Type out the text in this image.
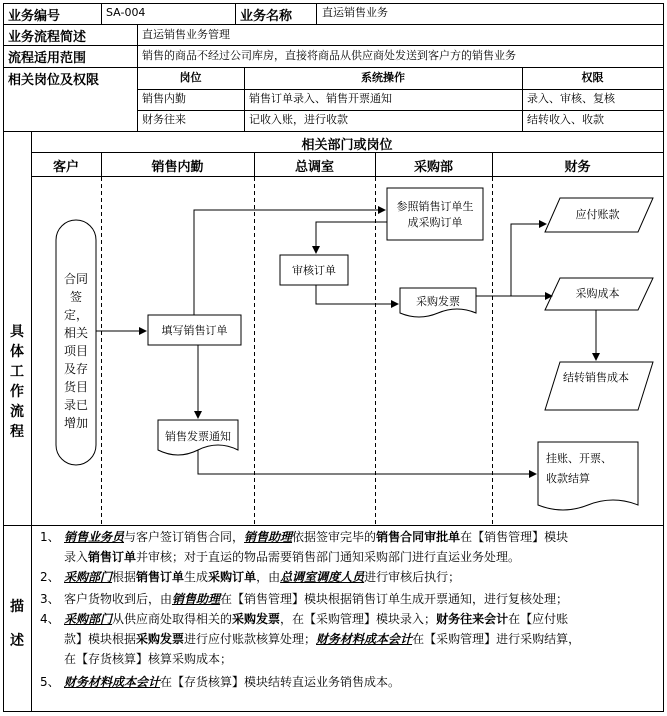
业务编号	SA-004	业务名称	直运销售业务
业务流程简述	直运销售业务管理
流程适用范围	销售的商品不经过公司库房，直接将商品从供应商处发送到客户方的销售业务
相关岗位及权限	岗位	系统操作	权限
销售内勤	销售订单录入、销售开票通知	录入、审核、复核
财务往来	记收入账，进行收款	结转收入、收款
具体工作流程
相关部门或岗位
客户	销售内勤	总调室	采购部	财务
合同签定，相关项目及存货目录已增加
填写销售订单
销售发票通知
审核订单
参照销售订单生成采购订单
采购发票
应付账款
采购成本
结转销售成本
挂账、开票、收款结算
描述
1、 销售业务员与客户签订销售合同，销售助理依据签审完毕的销售合同审批单在【销售管理】模块
录入销售订单并审核；对于直运的物品需要销售部门通知采购部门进行直运业务处理。
2、 采购部门根据销售订单生成采购订单，由总调室调度人员进行审核后执行；
3、 客户货物收到后，由销售助理在【销售管理】模块根据销售订单生成开票通知，进行复核处理；
4、 采购部门从供应商处取得相关的采购发票，在【采购管理】模块录入；财务往来会计在【应付账
款】模块根据采购发票进行应付账款核算处理；财务材料成本会计在【采购管理】进行采购结算，
在【存货核算】核算采购成本；
5、 财务材料成本会计在【存货核算】模块结转直运业务销售成本。
